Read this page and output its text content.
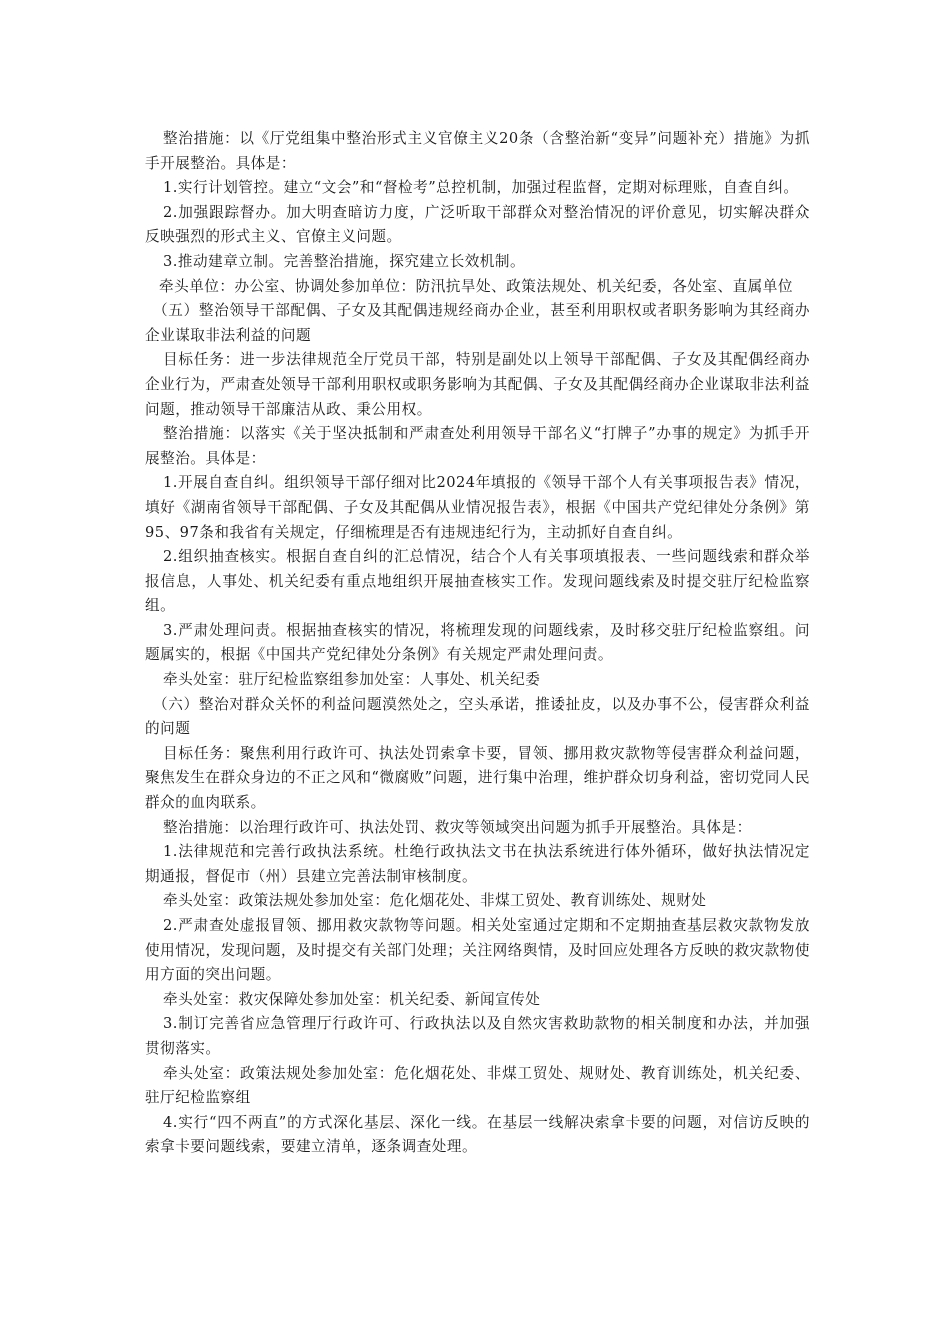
整治措施：以《厅党组集中整治形式主义官僚主义20条（含整治新“变异”问题补充）措施》为抓手开展整治。具体是：

1.实行计划管控。建立“文会”和“督检考”总控机制，加强过程监督，定期对标理账，自查自纠。

2.加强跟踪督办。加大明查暗访力度，广泛听取干部群众对整治情况的评价意见，切实解决群众反映强烈的形式主义、官僚主义问题。

3.推动建章立制。完善整治措施，探究建立长效机制。

牵头单位：办公室、协调处参加单位：防汛抗旱处、政策法规处、机关纪委，各处室、直属单位

（五）整治领导干部配偶、子女及其配偶违规经商办企业，甚至利用职权或者职务影响为其经商办企业谋取非法利益的问题

目标任务：进一步法律规范全厅党员干部，特别是副处以上领导干部配偶、子女及其配偶经商办企业行为，严肃查处领导干部利用职权或职务影响为其配偶、子女及其配偶经商办企业谋取非法利益问题，推动领导干部廉洁从政、秉公用权。

整治措施：以落实《关于坚决抵制和严肃查处利用领导干部名义“打牌子”办事的规定》为抓手开展整治。具体是：

1.开展自查自纠。组织领导干部仔细对比2024年填报的《领导干部个人有关事项报告表》情况，填好《湖南省领导干部配偶、子女及其配偶从业情况报告表》，根据《中国共产党纪律处分条例》第95、97条和我省有关规定，仔细梳理是否有违规违纪行为，主动抓好自查自纠。

2.组织抽查核实。根据自查自纠的汇总情况，结合个人有关事项填报表、一些问题线索和群众举报信息，人事处、机关纪委有重点地组织开展抽查核实工作。发现问题线索及时提交驻厅纪检监察组。

3.严肃处理问责。根据抽查核实的情况，将梳理发现的问题线索，及时移交驻厅纪检监察组。问题属实的，根据《中国共产党纪律处分条例》有关规定严肃处理问责。

牵头处室：驻厅纪检监察组参加处室：人事处、机关纪委

（六）整治对群众关怀的利益问题漠然处之，空头承诺，推诿扯皮，以及办事不公，侵害群众利益的问题

目标任务：聚焦利用行政许可、执法处罚索拿卡要，冒领、挪用救灾款物等侵害群众利益问题，聚焦发生在群众身边的不正之风和“微腐败”问题，进行集中治理，维护群众切身利益，密切党同人民群众的血肉联系。

整治措施：以治理行政许可、执法处罚、救灾等领域突出问题为抓手开展整治。具体是：

1.法律规范和完善行政执法系统。杜绝行政执法文书在执法系统进行体外循环，做好执法情况定期通报，督促市（州）县建立完善法制审核制度。

牵头处室：政策法规处参加处室：危化烟花处、非煤工贸处、教育训练处、规财处

2.严肃查处虚报冒领、挪用救灾款物等问题。相关处室通过定期和不定期抽查基层救灾款物发放使用情况，发现问题，及时提交有关部门处理；关注网络舆情，及时回应处理各方反映的救灾款物使用方面的突出问题。

牵头处室：救灾保障处参加处室：机关纪委、新闻宣传处

3.制订完善省应急管理厅行政许可、行政执法以及自然灾害救助款物的相关制度和办法，并加强贯彻落实。

牵头处室：政策法规处参加处室：危化烟花处、非煤工贸处、规财处、教育训练处，机关纪委、驻厅纪检监察组

4.实行“四不两直”的方式深化基层、深化一线。在基层一线解决索拿卡要的问题，对信访反映的索拿卡要问题线索，要建立清单，逐条调查处理。
